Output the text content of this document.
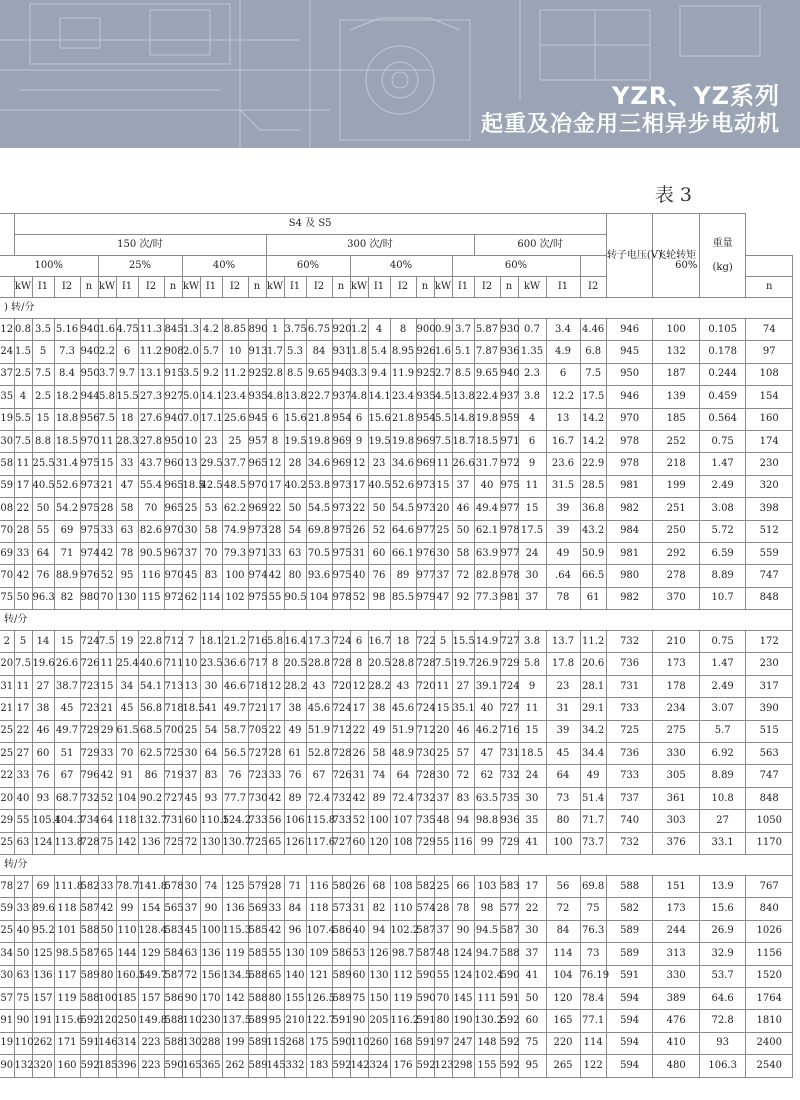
YZR、YZ系列
起重及冶金用三相异步电动机
表 3
	S4 及 S5																											转子电压(V)	飞轮转矩	重量

(kg)	
	150 次/时												300 次/时										600 次/时								
100%					25%				40%				60%				40%					60%					60%				
	kW	I1	I2	n	kW	I1	I2	n	kW	I1	I2	n	kW	I1	I2	n	kW	I1	I2	n	kW	I1	I2	n	kW	I1	I2				n
) 转/分																															
12	0.8	3.5	5.16	940	1.6	4.75	11.3	845	1.3	4.2	8.85	890	1	3.75	6.75	920	1.2	4	8	900	0.9	3.7	5.87	930	0.7	3.4	4.46	946	100	0.105	74
24	1.5	5	7.3	940	2.2	6	11.2	908	2.0	5.7	10	913	1.7	5.3	84	931	1.8	5.4	8.95	926	1.6	5.1	7.87	936	1.35	4.9	6.8	945	132	0.178	97
37	2.5	7.5	8.4	950	3.7	9.7	13.1	915	3.5	9.2	11.2	925	2.8	8.5	9.65	940	3.3	9.4	11.9	925	2.7	8.5	9.65	940	2.3	6	7.5	950	187	0.244	108
35	4	2.5	18.2	944	5.8	15.5	27.3	927	5.0	14.1	23.4	935	4.8	13.8	22.7	937	4.8	14.1	23.4	935	4.5	13.8	22.4	937	3.8	12.2	17.5	946	139	0.459	154
19	5.5	15	18.8	956	7.5	18	27.6	940	7.0	17.1	25.6	945	6	15.6	21.8	954	6	15.6	21.8	954	5.5	14.8	19.8	959	4	13	14.2	970	185	0.564	160
30	7.5	8.8	18.5	970	11	28.3	27.8	950	10	23	25	957	8	19.5	19.8	969	9	19.5	19.8	969	7.5	18.7	18.5	971	6	16.7	14.2	978	252	0.75	174
58	11	25.5	31.4	975	15	33	43.7	960	13	29.5	37.7	965	12	28	34.6	969	12	23	34.6	969	11	26.6	31.7	972	9	23.6	22.9	978	218	1.47	230
59	17	40.5	52.6	973	21	47	55.4	965	18.5	42.5	48.5	970	17	40.2	53.8	973	17	40.5	52.6	973	15	37	40	975	11	31.5	28.5	981	199	2.49	320
08	22	50	54.2	975	28	58	70	965	25	53	62.2	969	22	50	54.5	973	22	50	54.5	973	20	46	49.4	977	15	39	36.8	982	251	3.08	398
70	28	55	69	975	33	63	82.6	970	30	58	74.9	973	28	54	69.8	975	26	52	64.6	977	25	50	62.1	978	17.5	39	43.2	984	250	5.72	512
69	33	64	71	974	42	78	90.5	967	37	70	79.3	971	33	63	70.5	975	31	60	66.1	976	30	58	63.9	977	24	49	50.9	981	292	6.59	559
70	42	76	88.9	976	52	95	116	970	45	83	100	974	42	80	93.6	975	40	76	89	977	37	72	82.8	978	30	.64	66.5	980	278	8.89	747
75	50	96.3	82	980	70	130	115	972	62	114	102	975	55	90.5	104	978	52	98	85.5	979	47	92	77.3	981	37	78	61	982	370	10.7	848
转/分																															
2	5	14	15	724	7.5	19	22.8	712	7	18.1	21.2	716	5.8	16.4	17.3	724	6	16.7	18	722	5	15.5	14.9	727	3.8	13.7	11.2	732	210	0.75	172
20	7.5	19.6	26.6	726	11	25.4	40.6	711	10	23.5	36.6	717	8	20.5	28.8	728	8	20.5	28.8	728	7.5	19.7	26.9	729	5.8	17.8	20.6	736	173	1.47	230
31	11	27	38.7	723	15	34	54.1	713	13	30	46.6	718	12	28.2	43	720	12	28.2	43	720	11	27	39.1	724	9	23	28.1	731	178	2.49	317
21	17	38	45	723	21	45	56.8	718	18.5	41	49.7	721	17	38	45.6	724	17	38	45.6	724	15	35.1	40	727	11	31	29.1	733	234	3.07	390
25	22	46	49.7	729	29	61.5	68.5	700	25	54	58.7	705	22	49	51.9	712	22	49	51.9	712	20	46	46.2	716	15	39	34.2	725	275	5.7	515
25	27	60	51	729	33	70	62.5	725	30	64	56.5	727	28	61	52.8	728	26	58	48.9	730	25	57	47	731	18.5	45	34.4	736	330	6.92	563
22	33	76	67	796	42	91	86	719	37	83	76	723	33	76	67	726	31	74	64	728	30	72	62	732	24	64	49	733	305	8.89	747
20	40	93	68.7	732	52	104	90.2	727	45	93	77.7	730	42	89	72.4	732	42	89	72.4	732	37	83	63.5	735	30	73	51.4	737	361	10.8	848
29	55	105.4	104.3	734	64	118	132.7	731	60	110.5	124.2	733	56	106	115.8	733	52	100	107	735	48	94	98.8	936	35	80	71.7	740	303	27	1050
25	63	124	113.8	728	75	142	136	725	72	130	130.7	725	65	126	117.6	727	60	120	108	729	55	116	99	729	41	100	73.7	732	376	33.1	1170
转/分																															
78	27	69	111.8	582	33	78.7	141.8	578	30	74	125	579	28	71	116	580	26	68	108	582	25	66	103	583	17	56	69.8	588	151	13.9	767
59	33	89.6	118	587	42	99	154	565	37	90	136	569	33	84	118	573	31	82	110	574	28	78	98	577	22	72	75	582	173	15.6	840
25	40	95.2	101	588	50	110	128.4	583	45	100	115.3	585	42	96	107.4	586	40	94	102.2	587	37	90	94.5	587	30	84	76.3	589	244	26.9	1026
34	50	125	98.5	587	65	144	129	584	63	136	119	585	55	130	109	586	53	126	98.7	587	48	124	94.7	588	37	114	73	589	313	32.9	1156
30	63	136	117	589	80	160.5	149.7	587	72	156	134.5	588	65	140	121	589	60	130	112	590	55	124	102.4	590	41	104	76.19	591	330	53.7	1520
57	75	157	119	588	100	185	157	586	90	170	142	588	80	155	126.5	589	75	150	119	590	70	145	111	591	50	120	78.4	594	389	64.6	1764
91	90	191	115.6	592	120	250	149.8	588	110	230	137.5	589	95	210	122.7	591	90	205	116.2	591	80	190	130.2	592	60	165	77.1	594	476	72.8	1810
19	110	262	171	591	146	314	223	588	130	288	199	589	115	268	175	590	110	260	168	591	97	247	148	592	75	220	114	594	410	93	2400
90	132	320	160	592	185	396	223	590	165	365	262	589	145	332	183	592	142	324	176	592	123	298	155	592	95	265	122	594	480	106.3	2540
